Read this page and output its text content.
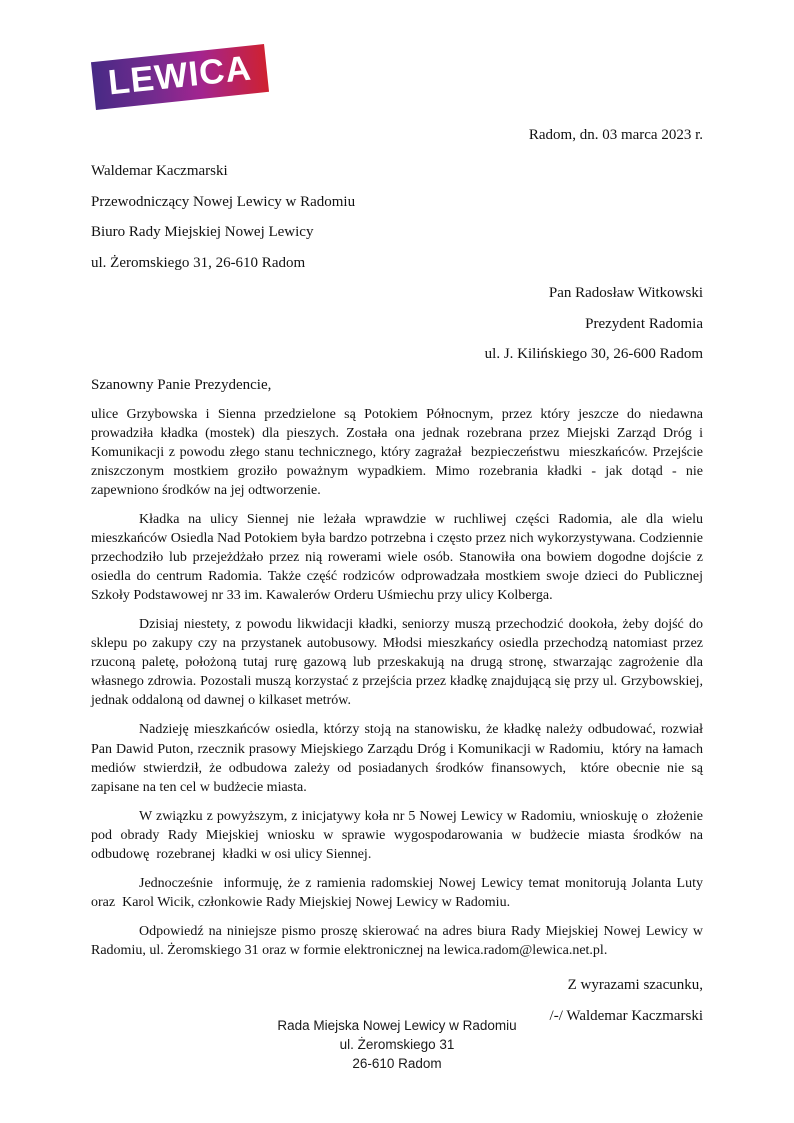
LEWICA
Radom, dn. 03 marca 2023 r.

Waldemar Kaczmarski

Przewodniczący Nowej Lewicy w Radomiu

Biuro Rady Miejskiej Nowej Lewicy

ul. Żeromskiego 31, 26-610 Radom

Pan Radosław Witkowski

Prezydent Radomia

ul. J. Kilińskiego 30, 26-600 Radom

Szanowny Panie Prezydencie,

ulice Grzybowska i Sienna przedzielone są Potokiem Północnym, przez który jeszcze do niedawna prowadziła kładka (mostek) dla pieszych. Została ona jednak rozebrana przez Miejski Zarząd Dróg i Komunikacji z powodu złego stanu technicznego, który zagrażał  bezpieczeństwu  mieszkańców. Przejście zniszczonym mostkiem groziło poważnym wypadkiem. Mimo rozebrania kładki - jak dotąd - nie zapewniono środków na jej odtworzenie.

Kładka na ulicy Siennej nie leżała wprawdzie w ruchliwej części Radomia, ale dla wielu mieszkańców Osiedla Nad Potokiem była bardzo potrzebna i często przez nich wykorzystywana. Codziennie przechodziło lub przejeżdżało przez nią rowerami wiele osób. Stanowiła ona bowiem dogodne dojście z osiedla do centrum Radomia. Także część rodziców odprowadzała mostkiem swoje dzieci do Publicznej Szkoły Podstawowej nr 33 im. Kawalerów Orderu Uśmiechu przy ulicy Kolberga.

Dzisiaj niestety, z powodu likwidacji kładki, seniorzy muszą przechodzić dookoła, żeby dojść do sklepu po zakupy czy na przystanek autobusowy. Młodsi mieszkańcy osiedla przechodzą natomiast przez rzuconą paletę, położoną tutaj rurę gazową lub przeskakują na drugą stronę, stwarzając zagrożenie dla własnego zdrowia. Pozostali muszą korzystać z przejścia przez kładkę znajdującą się przy ul. Grzybowskiej, jednak oddaloną od dawnej o kilkaset metrów.

Nadzieję mieszkańców osiedla, którzy stoją na stanowisku, że kładkę należy odbudować, rozwiał Pan Dawid Puton, rzecznik prasowy Miejskiego Zarządu Dróg i Komunikacji w Radomiu,  który na łamach mediów stwierdził, że odbudowa zależy od posiadanych środków finansowych,  które obecnie nie są zapisane na ten cel w budżecie miasta.

W związku z powyższym, z inicjatywy koła nr 5 Nowej Lewicy w Radomiu, wnioskuję o  złożenie pod obrady Rady Miejskiej wniosku w sprawie wygospodarowania w budżecie miasta środków na odbudowę  rozebranej  kładki w osi ulicy Siennej.

Jednocześnie  informuję, że z ramienia radomskiej Nowej Lewicy temat monitorują Jolanta Luty oraz  Karol Wicik, członkowie Rady Miejskiej Nowej Lewicy w Radomiu.

Odpowiedź na niniejsze pismo proszę skierować na adres biura Rady Miejskiej Nowej Lewicy w Radomiu, ul. Żeromskiego 31 oraz w formie elektronicznej na lewica.radom@lewica.net.pl.

Z wyrazami szacunku,

/-/ Waldemar Kaczmarski

Rada Miejska Nowej Lewicy w Radomiu

ul. Żeromskiego 31

26-610 Radom
